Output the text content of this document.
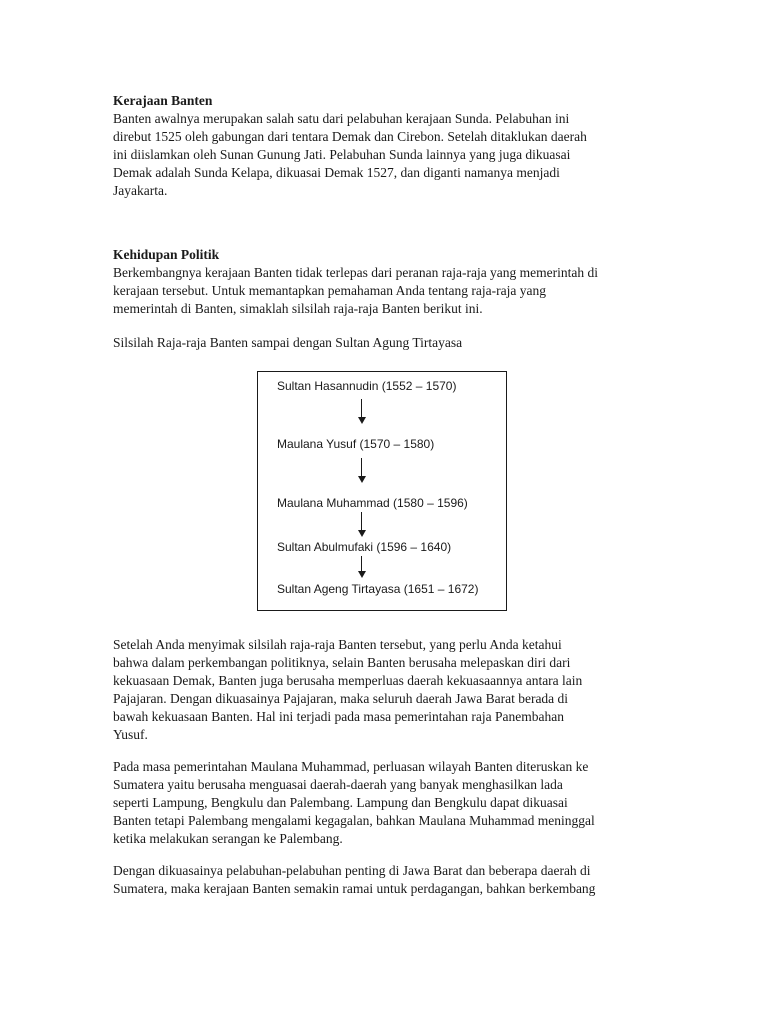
Kerajaan Banten

Banten awalnya merupakan salah satu dari pelabuhan kerajaan Sunda. Pelabuhan ini

direbut 1525 oleh gabungan dari tentara Demak dan Cirebon. Setelah ditaklukan daerah

ini diislamkan oleh Sunan Gunung Jati. Pelabuhan Sunda lainnya yang juga dikuasai

Demak adalah Sunda Kelapa, dikuasai Demak 1527, dan diganti namanya menjadi

Jayakarta.

Kehidupan Politik

Berkembangnya kerajaan Banten tidak terlepas dari peranan raja-raja yang memerintah di

kerajaan tersebut. Untuk memantapkan pemahaman Anda tentang raja-raja yang

memerintah di Banten, simaklah silsilah raja-raja Banten berikut ini.

Silsilah Raja-raja Banten sampai dengan Sultan Agung Tirtayasa

Sultan Hasannudin (1552 – 1570)
Maulana Yusuf (1570 – 1580)
Maulana Muhammad (1580 – 1596)
Sultan Abulmufaki (1596 – 1640)
Sultan Ageng Tirtayasa (1651 – 1672)

Setelah Anda menyimak silsilah raja-raja Banten tersebut, yang perlu Anda ketahui

bahwa dalam perkembangan politiknya, selain Banten berusaha melepaskan diri dari

kekuasaan Demak, Banten juga berusaha memperluas daerah kekuasaannya antara lain

Pajajaran. Dengan dikuasainya Pajajaran, maka seluruh daerah Jawa Barat berada di

bawah kekuasaan Banten. Hal ini terjadi pada masa pemerintahan raja Panembahan

Yusuf.

Pada masa pemerintahan Maulana Muhammad, perluasan wilayah Banten diteruskan ke

Sumatera yaitu berusaha menguasai daerah-daerah yang banyak menghasilkan lada

seperti Lampung, Bengkulu dan Palembang. Lampung dan Bengkulu dapat dikuasai

Banten tetapi Palembang mengalami kegagalan, bahkan Maulana Muhammad meninggal

ketika melakukan serangan ke Palembang.

Dengan dikuasainya pelabuhan-pelabuhan penting di Jawa Barat dan beberapa daerah di

Sumatera, maka kerajaan Banten semakin ramai untuk perdagangan, bahkan berkembang
